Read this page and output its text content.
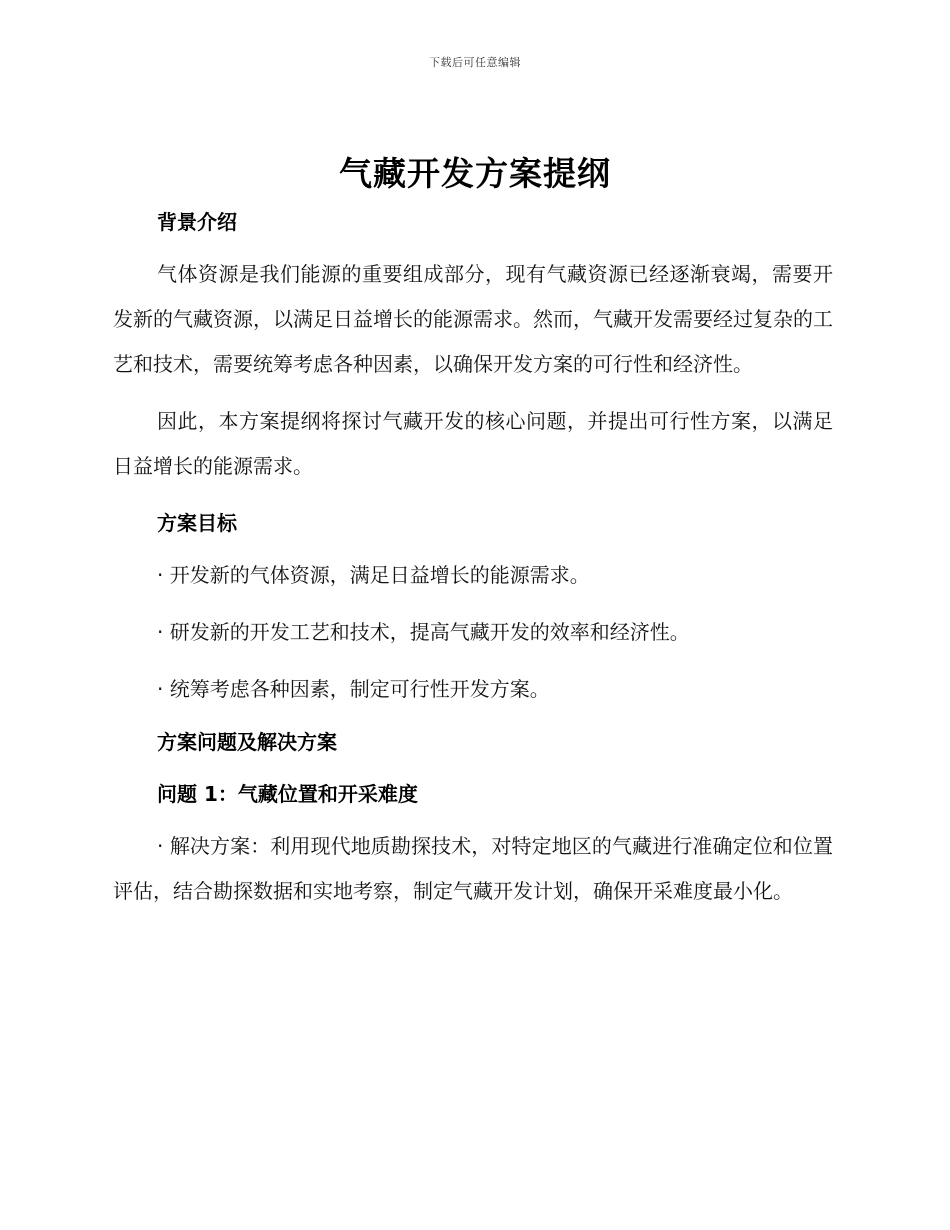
下载后可任意编辑
气藏开发方案提纲

背景介绍

气体资源是我们能源的重要组成部分，现有气藏资源已经逐渐衰竭，需要开发新的气藏资源，以满足日益增长的能源需求。然而，气藏开发需要经过复杂的工艺和技术，需要统筹考虑各种因素，以确保开发方案的可行性和经济性。

因此，本方案提纲将探讨气藏开发的核心问题，并提出可行性方案，以满足日益增长的能源需求。

方案目标

· 开发新的气体资源，满足日益增长的能源需求。

· 研发新的开发工艺和技术，提高气藏开发的效率和经济性。

· 统筹考虑各种因素，制定可行性开发方案。

方案问题及解决方案

问题 1：气藏位置和开采难度

· 解决方案：利用现代地质勘探技术，对特定地区的气藏进行准确定位和位置评估，结合勘探数据和实地考察，制定气藏开发计划，确保开采难度最小化。
